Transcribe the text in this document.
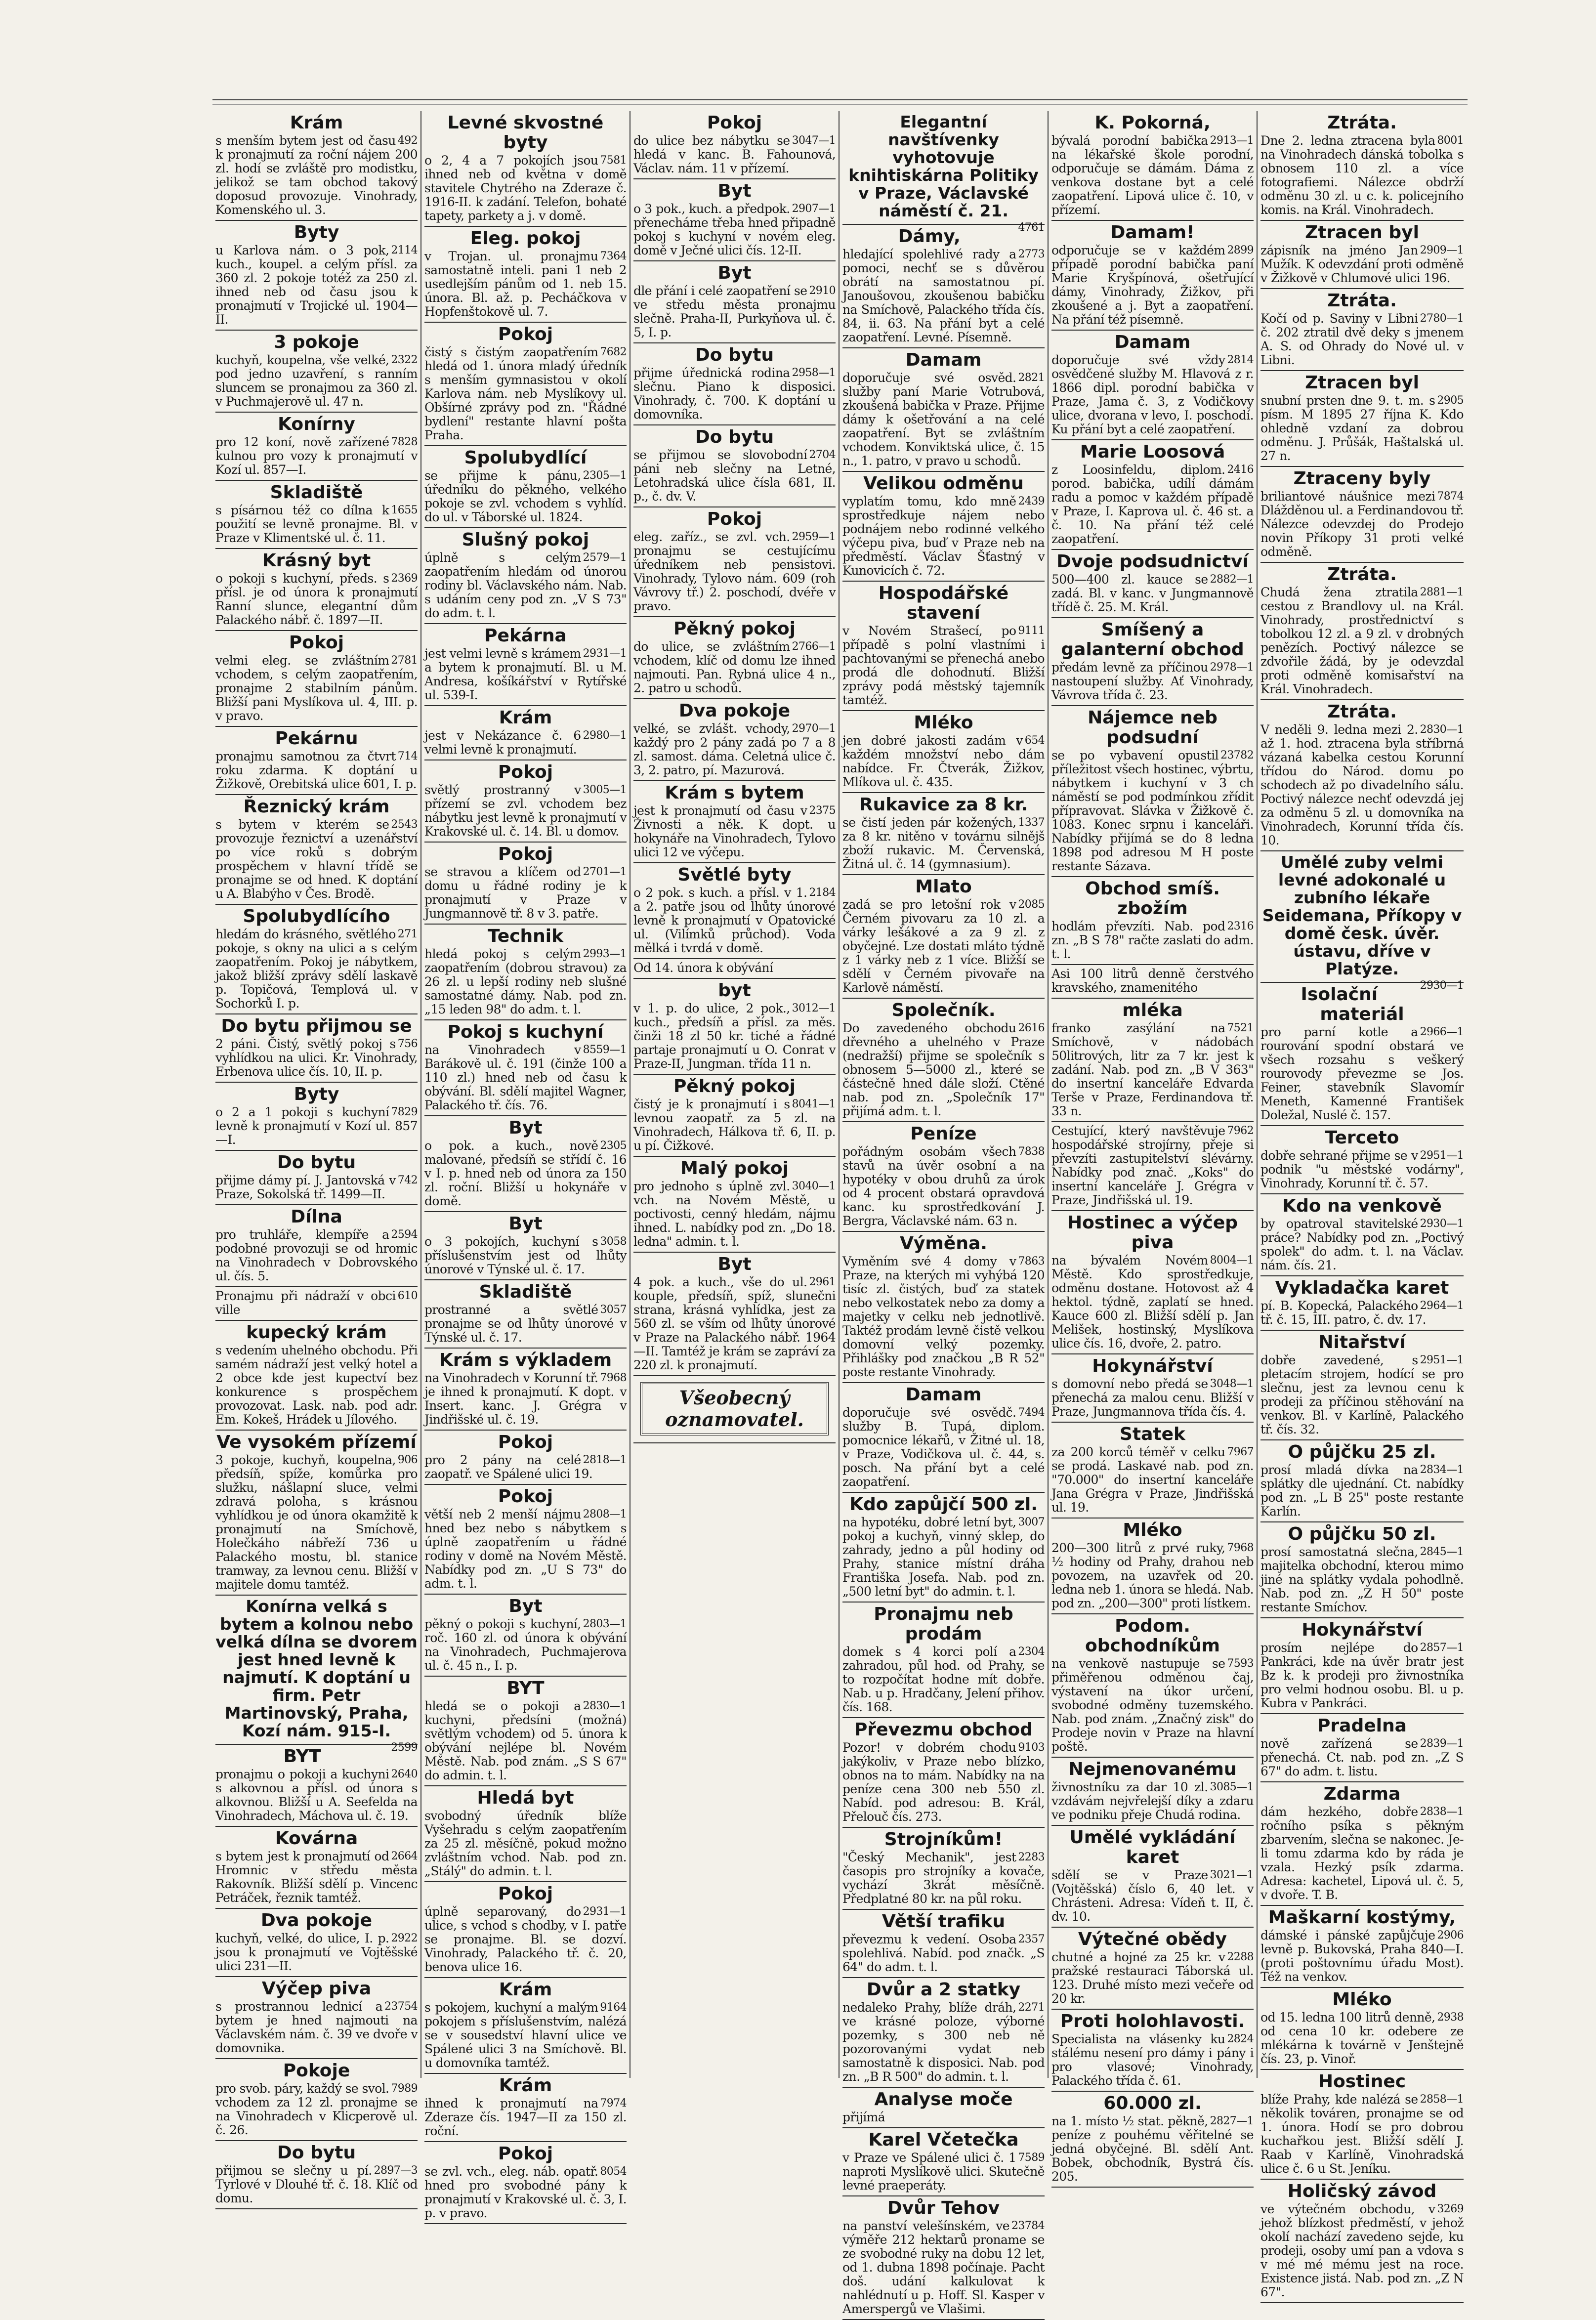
Krám

492
s menším bytem jest od času k pronajmutí za roční nájem 200 zl. hodí se zvláště pro modistku, jelikož se tam obchod takový doposud provozuje. Vinohrady, Komenského ul. 3.

Byty

2114
u Karlova nám. o 3 pok, kuch., koupel. a celým přísl. za 360 zl. 2 pokoje totéž za 250 zl. ihned neb od času jsou k pronajmutí v Trojické ul. 1904—II.

3 pokoje

2322
kuchyň, koupelna, vše velké, pod jedno uzavření, s ranním sluncem se pronajmou za 360 zl. v Puchmajerově ul. 47 n.

Konírny

7828
pro 12 koní, nově zařízené kulnou pro vozy k pronajmutí v Kozí ul. 857—I.

Skladiště

1655
s písárnou též co dílna k použití se levně pronajme. Bl. v Praze v Klimentské ul. č. 11.

Krásný byt

2369
o pokoji s kuchyní, předs. s přísl. je od února k pronajmutí Ranní slunce, elegantní dům Palackého nábř. č. 1897—II.

Pokoj

2781
velmi eleg. se zvláštním vchodem, s celým zaopatřením, pronajme 2 stabilním pánům. Bližší pani Myslíkova ul. 4, III. p. v pravo.

Pekárnu

714
pronajmu samotnou za čtvrt roku zdarma. K doptání u Žižkově, Orebitská ulice 601, I. p.

Řeznický krám

2543
s bytem v kterém se provozuje řeznictví a uzenářství po více roků s dobrým prospěchem v hlavní třídě se pronajme se od hned. K doptání u A. Blabýho v Čes. Brodě.

Spolubydlícího

271
hledám do krásného, světlého pokoje, s okny na ulici a s celým zaopatřením. Pokoj je nábytkem, jakož bližší zprávy sdělí laskavě p. Topičová, Templová ul. v Sochorků I. p.

Do bytu přijmou se

756
2 páni. Čistý, světlý pokoj s vyhlídkou na ulici. Kr. Vinohrady, Erbenova ulice čís. 10, II. p.

Byty

7829
o 2 a 1 pokoji s kuchyní levně k pronajmutí v Kozí ul. 857—I.

Do bytu

742
přijme dámy pí. J. Jantovská v Praze, Sokolská tř. 1499—II.

Dílna

2594
pro truhláře, klempíře a podobné provozuji se od hromic na Vinohradech v Dobrovského ul. čís. 5.

610
Pronajmu při nádraží v obci ville

kupecký krám

s vedením uhelného obchodu. Při samém nádraží jest velký hotel a 2 obce kde jest kupectví bez konkurence s prospěchem provozovat. Lask. nab. pod adr. Em. Kokeš, Hrádek u Jílového.

Ve vysokém přízemí

906
3 pokoje, kuchyň, koupelna, předsíň, spíže, komůrka pro služku, nášlapní sluce, velmi zdravá poloha, s krásnou vyhlídkou je od února okamžitě k pronajmutí na Smíchově, Holečkáho nábřeží 736 u Palackého mostu, bl. stanice tramway, za levnou cenu. Bližší v majitele domu tamtéž.

Konírna velká s bytem a kolnou nebo velká dílna se dvorem jest hned levně k najmutí. K doptání u firm. Petr Martinovský, Praha, Kozí nám. 915-I.

2599

BYT

2640
pronajmu o pokoji a kuchyni s alkovnou a přísl. od února s alkovnou. Bližší u A. Seefelda na Vinohradech, Máchova ul. č. 19.

Kovárna

2664
s bytem jest k pronajmutí od Hromnic v středu města Rakovník. Bližší sdělí p. Vincenc Petráček, řeznik tamtéž.

Dva pokoje

2922
kuchyň, velké, do ulice, I. p. jsou k pronajmutí ve Vojtěšské ulici 231—II.

Výčep piva

23754
s prostrannou lednicí a bytem je hned najmouti na Václavském nám. č. 39 ve dvoře v domovnika.

Pokoje

7989
pro svob. páry, každý se svol. vchodem za 12 zl. pronajme se na Vinohradech v Klicperově ul. č. 26.

Do bytu

2897—3
přijmou se slečny u pí. Tyrlové v Dlouhé tř. č. 18. Klíč od domu.

Levné skvostné byty

7581
o 2, 4 a 7 pokojích jsou ihned neb od května v domě stavitele Chytrého na Zderaze č. 1916-II. k zadání. Telefon, bohaté tapety, parkety a j. v domě.

Eleg. pokoj

7364
v Trojan. ul. pronajmu samostatně inteli. pani 1 neb 2 usedlejším pánům od 1. neb 15. února. Bl. až. p. Pecháčkova v Hopfenštokově ul. 7.

Pokoj

7682
čistý s čistým zaopatřením hledá od 1. února mladý úředník s menším gymnasistou v okolí Karlova nám. neb Myslíkovy ul. Obšírné zprávy pod zn. "Řádné bydlení" restante hlavní pošta Praha.

Spolubydlící

2305—1
se přijme k pánu, úředníku do pěkného, velkého pokoje se zvl. vchodem s vyhlíd. do ul. v Táborské ul. 1824.

Slušný pokoj

2579—1
úplně s celým zaopatřením hledám od únorou rodiny bl. Václavského nám. Nab. s udáním ceny pod zn. „V S 73" do adm. t. l.

Pekárna

2931—1
jest velmi levně s krámem a bytem k pronajmutí. Bl. u M. Andresa, košíkářství v Rytířské ul. 539-I.

Krám

2980—1
jest v Nekázance č. 6 velmi levně k pronajmutí.

Pokoj

3005—1
světlý prostranný v přízemí se zvl. vchodem bez nábytku jest levně k pronajmutí v Krakovské ul. č. 14. Bl. u domov.

Pokoj

2701—1
se stravou a klíčem od domu u řádné rodiny je k pronajmutí v Praze v Jungmannově tř. 8 v 3. patře.

Technik

2993—1
hledá pokoj s celým zaopatřením (dobrou stravou) za 26 zl. u lepší rodiny neb slušné samostatné dámy. Nab. pod zn. „15 leden 98" do adm. t. l.

Pokoj s kuchyní

8559—1
na Vinohradech v Barákově ul. č. 191 (činže 100 a 110 zl.) hned neb od času k obývání. Bl. sdělí majitel Wagner, Palackého tř. čís. 76.

Byt

2305
o pok. a kuch., nově malované, předsíň se střídí č. 16 v I. p. hned neb od února za 150 zl. roční. Bližší u hokynáře v domě.

Byt

3058
o 3 pokojích, kuchyní s příslušenstvím jest od lhůty únorové v Týnské ul. č. 17.

Skladiště

3057
prostranné a světlé pronajme se od lhůty únorové v Týnské ul. č. 17.

Krám s výkladem

7968
na Vinohradech v Korunní tř. je ihned k pronajmutí. K dopt. v Insert. kanc. J. Grégra v Jindřišské ul. č. 19.

Pokoj

2818—1
pro 2 pány na celé zaopatř. ve Spálené ulici 19.

Pokoj

2808—1
větší neb 2 menší nájmu hned bez nebo s nábytkem s úplně zaopatřením u řádné rodiny v domě na Novém Městě. Nabídky pod zn. „U S 73" do adm. t. l.

Byt

2803—1
pěkný o pokoji s kuchyní, roč. 160 zl. od února k obývání na Vinohradech, Puchmajerova ul. č. 45 n., I. p.

BYT

2830—1
hledá se o pokoji a kuchyni, předsíni (možná) světlým vchodem) od 5. února k obývání nejlépe bl. Novém Městě. Nab. pod znám. „S S 67" do admin. t. l.

Hledá byt

svobodný úředník blíže Vyšehradu s celým zaopatřením za 25 zl. měsíčně, pokud možno zvláštním vchod. Nab. pod zn. „Stálý" do admin. t. l.

Pokoj

2931—1
úplně separovaný, do ulice, s vchod s chodby, v I. patře se pronajme. Bl. se dozví. Vinohrady, Palackého tř. č. 20, benova ulice 16.

Krám

9164
s pokojem, kuchyní a malým pokojem s příslušenstvím, nalézá se v sousedství hlavní ulice ve Spálené ulici 3 na Smíchově. Bl. u domovníka tamtéž.

Krám

7974
ihned k pronajmutí na Zderaze čís. 1947—II za 150 zl. roční.

Pokoj

8054
se zvl. vch., eleg. náb. opatř. hned pro svobodné pány k pronajmutí v Krakovské ul. č. 3, I. p. v pravo.

Pokoj

3047—1
do ulice bez nábytku se hledá v kanc. B. Fahounová, Václav. nám. 11 v přízemí.

Byt

2907—1
o 3 pok., kuch. a předpok. přenecháme třeba hned připadně pokoj s kuchyní v novém eleg. domě v Ječné ulici čís. 12-II.

Byt

2910
dle přání i celé zaopatření se ve středu města pronajmu slečně. Praha-II, Purkyňova ul. č. 5, I. p.

Do bytu

2958—1
přijme úřednická rodina slečnu. Piano k disposici. Vinohrady, č. 700. K doptání u domovníka.

Do bytu

2704
se přijmou se slovobodní páni neb slečny na Letné, Letohradská ulice čísla 681, II. p., č. dv. V.

Pokoj

2959—1
eleg. zaříz., se zvl. vch. pronajmu se cestujícímu úředníkem neb pensistovi. Vinohrady, Tylovo nám. 609 (roh Vávrovy tř.) 2. poschodí, dvéře v pravo.

Pěkný pokoj

2766—1
do ulice, se zvláštním vchodem, klíč od domu lze ihned najmouti. Pan. Rybná ulice 4 n., 2. patro u schodů.

Dva pokoje

2970—1
velké, se zvlášt. vchody, každý pro 2 pány zadá po 7 a 8 zl. samost. dáma. Celetná ulice č. 3, 2. patro, pí. Mazurová.

Krám s bytem

2375
jest k pronajmutí od času v Živnosti a něk. K dopt. u hokynáře na Vinohradech, Tylovo ulici 12 ve výčepu.

Světlé byty

2184
o 2 pok. s kuch. a přísl. v 1. a 2. patře jsou od lhůty únorové levně k pronajmutí v Opatovické ul. (Vilímků průchod). Voda mělká i tvrdá v domě.

Od 14. února k obývání

byt

3012—1
v 1. p. do ulice, 2 pok., kuch., předsíň a přísl. za měs. činži 18 zl 50 kr. tiché a řádné partaje pronajmutí u O. Conrat v Praze-II, Jungman. třída 11 n.

Pěkný pokoj

8041—1
čistý je k pronajmutí i s levnou zaopatř. za 5 zl. na Vinohradech, Hálkova tř. 6, II. p. u pí. Čižkové.

Malý pokoj

3040—1
pro jednoho s úplně zvl. vch. na Novém Městě, u poctivosti, cenný hledám, nájmu ihned. L. nabídky pod zn. „Do 18. ledna" admin. t. l.

Byt

2961
4 pok. a kuch., vše do ul. kouple, předsíň, spíž, slunečni strana, krásná vyhlídka, jest za 560 zl. se vším od lhůty únorové v Praze na Palackého nábř. 1964—II. Tamtéž je krám se zapráví za 220 zl. k pronajmutí.

Všeobecný oznamovatel.
Elegantní navštívenky vyhotovuje knihtiskárna Politiky v Praze, Václavské náměstí č. 21.

4761

Dámy,

2773
hledající spolehlivé rady a pomoci, nechť se s důvěrou obrátí na samostatnou pí. Janoušovou, zkoušenou babičku na Smíchově, Palackého třída čís. 84, ii. 63. Na přání byt a celé zaopatření. Levné. Písemně.

Damam

2821
doporučuje své osvěd. služby paní Marie Votrubová, zkoušená babička v Praze. Přijme dámy k ošetřování a na celé zaopatření. Byt se zvláštním vchodem. Konviktská ulice, č. 15 n., 1. patro, v pravo u schodů.

Velikou odměnu

2439
vyplatím tomu, kdo mně sprostředkuje nájem nebo podnájem nebo rodinné velkého výčepu piva, buď v Praze neb na předměstí. Václav Šťastný v Kunovicích č. 72.

Hospodářské stavení

9111
v Novém Strašecí, po případě s polní vlastními i pachtovanými se přenechá anebo prodá dle dohodnutí. Bližší zprávy podá městský tajemník tamtéž.

Mléko

654
jen dobré jakosti zadám v každém množství nebo dám nabídce. Fr. Čtverák, Žižkov, Mlíkova ul. č. 435.

Rukavice za 8 kr.

1337
se čistí jeden pár kožených, za 8 kr. nitěno v továrnu silnějš zboží rukavic. M. Červenská, Žitná ul. č. 14 (gymnasium).

Mlato

2085
zadá se pro letošní rok v Černém pivovaru za 10 zl. a várky lešákové a za 9 zl. z obyčejné. Lze dostati mláto týdně z 1 várky neb z 1 více. Bližší se sdělí v Černém pivovaře na Karlově náměstí.

Společník.

2616
Do zavedeného obchodu dřevného a uhelného v Praze (nedražší) přijme se společník s obnosem 5—5000 zl., které se částečně hned dále složí. Ctěné nab. pod zn. „Společník 17" přijímá adm. t. l.

Peníze

7838
pořádným osobám všech stavů na úvěr osobní a na hypotéky v obou druhů za úrok od 4 procent obstará opravdová kanc. ku sprostředkování J. Bergra, Václavské nám. 63 n.

Výměna.

7863
Vyměním své 4 domy v Praze, na kterých mi vyhýbá 120 tisíc zl. čistých, buď za statek nebo velkostatek nebo za domy a majetky v celku neb jednotlivě. Taktéž prodám levně čistě velkou domovní velký pozemky. Přihlášky pod značkou „B R 52" poste restante Vinohrady.

Damam

7494
doporučuje své osvědč. služby B. Tupá, diplom. pomocnice lékařů, v Žitné ul. 18, v Praze, Vodičkova ul. č. 44, s. posch. Na přání byt a celé zaopatření.

Kdo zapůjčí 500 zl.

3007
na hypotéku, dobré letní byt, pokoj a kuchyň, vinný sklep, do zahrady, jedno a půl hodiny od Prahy, stanice místní dráha Františka Josefa. Nab. pod zn. „500 letní byt" do admin. t. l.

Pronajmu neb prodám

2304
domek s 4 korci polí a zahradou, půl hod. od Prahy, se to rozpočítat hodne mít dobře. Nab. u p. Hradčany, Jelení přihov. čís. 168.

Převezmu obchod

9103
Pozor! v dobrém chodu jakýkoliv, v Praze nebo blízko, obnos na to mám. Nabídky na na peníze cena 300 neb 550 zl. Nabíd. pod adresou: B. Král, Přelouč čís. 273.

Strojníkům!

2283
"Český Mechanik", jest časopis pro strojníky a kovače, vychází 3krát měsíčně. Předplatné 80 kr. na půl roku.

Větší trafiku

2357
převezmu k vedení. Osoba spolehlivá. Nabíd. pod značk. „S 64" do adm. t. l.

Dvůr a 2 statky

2271
nedaleko Prahy, blíže dráh, ve krásné poloze, výborné pozemky, s 300 neb ně pozorovanými vydat neb samostatně k disposici. Nab. pod zn. „B R 500" do admin. t. l.

Analyse moče

přijímá

Karel Včetečka

7589
v Praze ve Spálené ulici č. 1 naproti Myslíkově ulici. Skutečně levné praeperáty.

Dvůr Tehov

23784
na panství velešínském, ve výměře 212 hektarů proname se ze svobodné ruky na dobu 12 let, od 1. dubna 1898 počínaje. Pacht doš. udání kalkulovat k nahlédnutí u p. Hoff. Sl. Kasper v Amerspergů ve Vlašimi.

K. Pokorná,

2913—1
bývalá porodní babička na lékařské škole porodní, odporučuje se dámám. Dáma z venkova dostane byt a celé zaopatření. Lipová ulice č. 10, v přízemí.

Damam!

2899
odporučuje se v každém případě porodní babička paní Marie Kryšpínová, ošetřující dámy, Vinohrady, Žižkov, při zkoušené a j. Byt a zaopatření. Na přání též písemně.

Damam

2814
doporučuje své vždy osvědčené služby M. Hlavová z r. 1866 dipl. porodní babička v Praze, Jama č. 3, z Vodičkovy ulice, dvorana v levo, I. poschodí. Ku přání byt a celé zaopatření.

Marie Loosová

2416
z Loosinfeldu, diplom. porod. babička, udílí dámám radu a pomoc v každém případě v Praze, I. Kaprova ul. č. 46 st. a č. 10. Na přání též celé zaopatření.

Dvoje podsudnictví

2882—1
500—400 zl. kauce se zadá. Bl. v kanc. v Jungmannově třídě č. 25. M. Král.

Smíšený a galanterní obchod

2978—1
předám levně za příčinou nastoupení služby. Ať Vinohrady, Vávrova třída č. 23.

Nájemce neb podsudní

23782
se po vybavení opustil příležitost všech hostinec, výbrtu, nábytkem i kuchyní v 3 ch náměstí se pod podmínkou zřídit přípravovat. Slávka v Žižkově č. 1083. Konec srpnu i kanceláři. Nabídky přijímá se do 8 ledna 1898 pod adresou M H poste restante Sázava.

Obchod smíš. zbožím

2316
hodlám převzíti. Nab. pod zn. „B S 78" račte zaslati do adm. t. l.

Asi 100 litrů denně čerstvého kravského, znamenitého

mléka

7521
franko zasýlání na Smíchově, v nádobách 50litrových, litr za 7 kr. jest k zadání. Nab. pod zn. „B V 363" do insertní kanceláře Edvarda Terše v Praze, Ferdinandova tř. 33 n.

7962
Cestující, který navštěvuje hospodářské strojírny, přeje si převzíti zastupitelství slévárny. Nabídky pod znač. „Koks" do insertní kanceláře J. Grégra v Praze, Jindřišská ul. 19.

Hostinec a výčep piva

8004—1
na bývalém Novém Městě. Kdo sprostředkuje, odměnu dostane. Hotovost až 4 hektol. týdně, zaplatí se hned. Kauce 600 zl. Bližší sdělí p. Jan Melišek, hostinský, Myslíkova ulice čís. 16, dvoře, 2. patro.

Hokynářství

3048—1
s domovní nebo předá se přenechá za malou cenu. Bližší v Praze, Jungmannova třída čís. 4.

Statek

7967
za 200 korců téměř v celku se prodá. Laskavé nab. pod zn. "70.000" do insertní kanceláře Jana Grégra v Praze, Jindřišská ul. 19.

Mléko

7968
200—300 litrů z prvé ruky, ½ hodiny od Prahy, drahou neb povozem, na uzavřek od 20. ledna neb 1. února se hledá. Nab. pod zn. „200—300" proti lístkem.

Podom. obchodníkům

7593
na venkově nastupuje se přiměřenou odměnou čaj, výstavení na úkor určení, svobodné odměny tuzemského. Nab. pod znám. „Značný zisk" do Prodeje novin v Praze na hlavní poště.

Nejmenovanému

3085—1
živnostníku za dar 10 zl. vzdávám nejvřelejší díky a zdaru ve podniku přeje Chudá rodina.

Umělé vykládání karet

3021—1
sdělí se v Praze (Vojtěšská) číslo 6, 40 let. v Chrásteni. Adresa: Vídeň t. II, č. dv. 10.

Výtečné obědy

2288
chutné a hojné za 25 kr. v pražské restauraci Táborská ul. 123. Druhé místo mezi večeře od 20 kr.

Proti holohlavosti.

2824
Specialista na vlásenky ku stálému nesení pro dámy i pány i pro vlasové; Vinohrady, Palackého třída č. 61.

60.000 zl.

2827—1
na 1. místo ½ stat. pěkně, peníze z pouhému věřitelné se jedná obyčejné. Bl. sdělí Ant. Bobek, obchodník, Bystrá čís. 205.

Ztráta.

8001
Dne 2. ledna ztracena byla na Vinohradech dánská tobolka s obnosem 110 zl. a více fotografiemi. Nálezce obdrží odměnu 30 zl. u c. k. policejního komis. na Král. Vinohradech.

Ztracen byl

2909—1
zápisník na jméno Jan Mužík. K odevzdání proti odměně v Žižkově v Chlumové ulici 196.

Ztráta.

2780—1
Kočí od p. Saviny v Libni č. 202 ztratil dvě deky s jmenem A. S. od Ohrady do Nové ul. v Libni.

Ztracen byl

2905
snubní prsten dne 9. t. m. s písm. M 1895 27 října K. Kdo ohledně vzdaní za dobrou odměnu. J. Průšák, Haštalská ul. 27 n.

Ztraceny byly

7874
briliantové náušnice mezi Dlážděnou ul. a Ferdinandovou tř. Nálezce odevzdej do Prodejo novin Příkopy 31 proti velké odměně.

Ztráta.

2881—1
Chudá žena ztratila cestou z Brandlovy ul. na Král. Vinohrady, prostřednictví s tobolkou 12 zl. a 9 zl. v drobných penězích. Poctivý nálezce se zdvořile žádá, by je odevzdal proti odměně komisařství na Král. Vinohradech.

Ztráta.

2830—1
V neděli 9. ledna mezi 2. až 1. hod. ztracena byla stříbrná vázaná kabelka cestou Korunní třídou do Národ. domu po schodech až po divadelního sálu. Poctivý nálezce nechť odevzdá jej za odměnu 5 zl. u domovníka na Vinohradech, Korunní třída čís. 10.

Umělé zuby velmi levné adokonalé u zubního lékaře Seidemana, Příkopy v domě česk. úvěr. ústavu, dříve v Platýze.

2930—1

Isolační materiál

2966—1
pro parní kotle a rourování spodní obstará ve všech rozsahu s veškerý rourovody převezme se Jos. Feiner, stavebník Slavomír Meneth, Kamenné František Doležal, Nuslé č. 157.

Terceto

2951—1
dobře sehrané přijme se v podnik "u městské vodárny", Vinohrady, Korunní tř. č. 57.

Kdo na venkově

2930—1
by opatroval stavitelské práce? Nabídky pod zn. „Poctivý spolek" do adm. t. l. na Václav. nám. čís. 21.

Vykladačka karet

2964—1
pí. B. Kopecká, Palackého tř. č. 15, III. patro, č. dv. 17.

Nitařství

2951—1
dobře zavedené, s pletacím strojem, hodící se pro slečnu, jest za levnou cenu k prodeji za příčinou stěhování na venkov. Bl. v Karlíně, Palackého tř. čís. 32.

O půjčku 25 zl.

2834—1
prosí mladá dívka na splátky dle ujednání. Ct. nabídky pod zn. „L B 25" poste restante Karlín.

O půjčku 50 zl.

2845—1
prosí samostatná slečna, majitelka obchodní, kterou mimo jiné na splátky vydala pohodlně. Nab. pod zn. „Z H 50" poste restante Smíchov.

Hokynářství

2857—1
prosím nejlépe do Pankráci, kde na úvěr bratr jest Bz k. k prodeji pro živnostníka pro velmi hodnou osobu. Bl. u p. Kubra v Pankráci.

Pradelna

2839—1
nově zařízená se přenechá. Ct. nab. pod zn. „Z S 67" do adm. t. listu.

Zdarma

2838—1
dám hezkého, dobře ročního psíka s pěkným zbarvením, slečna se nakonec. Je-li tomu zdarma kdo by ráda je vzala. Hezký psík zdarma. Adresa: kachetel, Lipová ul. č. 5, v dvoře. T. B.

Maškarní kostýmy,

2906
dámské i pánské zapůjčuje levně p. Bukovská, Praha 840—I. (proti poštovnímu úřadu Most). Též na venkov.

Mléko

2938
od 15. ledna 100 litrů denně, od cena 10 kr. odebere ze mlékárna k továrně v Jenštejně čís. 23, p. Vinoř.

Hostinec

2858—1
blíže Prahy, kde nalézá se několik továren, pronajme se od 1. února. Hodí se pro dobrou kuchařkou jest. Bližší sdělí J. Raab v Karlíně, Vinohradská ulice č. 6 u St. Jeníku.

Holičský závod

3269
ve výtečném obchodu, v jehož blízkost předměstí, v jehož okolí nachází zavedeno sejde, ku prodeji, osoby umí pan a vdova s v mé mé mému jest na roce. Existence jistá. Nab. pod zn. „Z N 67".
